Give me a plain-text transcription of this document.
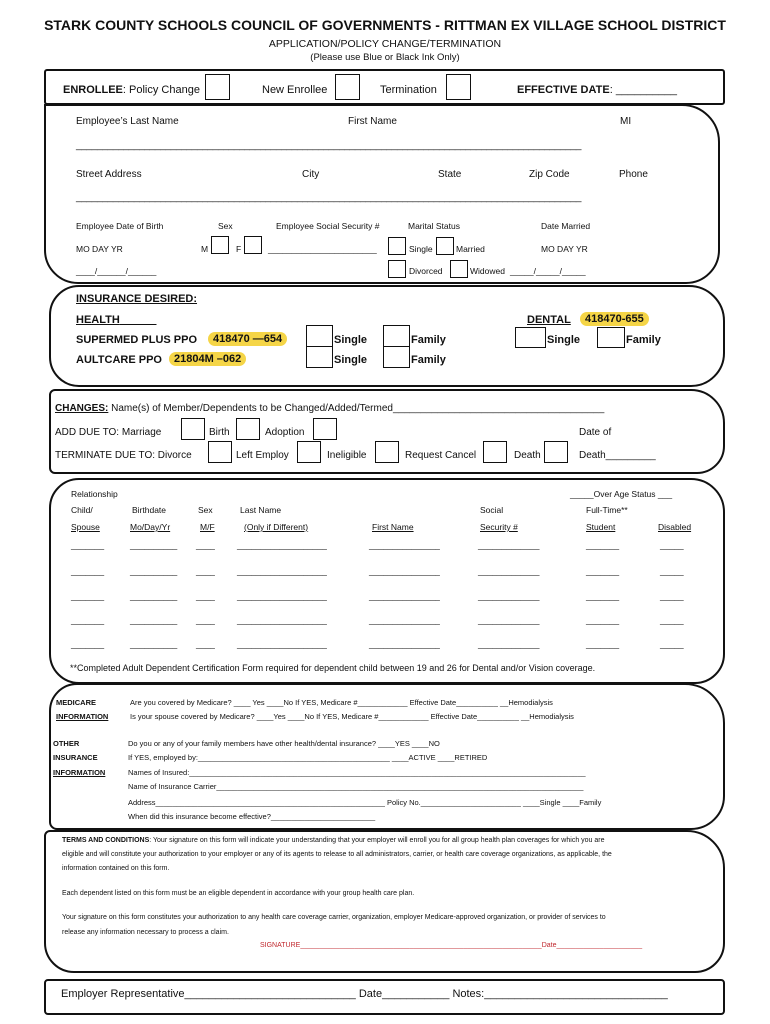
STARK COUNTY SCHOOLS COUNCIL OF GOVERNMENTS - RITTMAN EX VILLAGE SCHOOL DISTRICT
APPLICATION/POLICY CHANGE/TERMINATION
(Please use Blue or Black Ink Only)
ENROLLEE: Policy Change	New Enrollee	Termination	EFFECTIVE DATE: __________
Employee’s Last Name	First Name	MI
________________________________________________________________________________________________
Street Address	City	State	Zip Code	Phone
________________________________________________________________________________________________
Employee Date of Birth	Sex	Employee Social Security #	Marital Status	Date Married
MO DAY YR	M	F	_______________________	Single	Married	MO DAY YR
____/______/______	Divorced	Widowed _____/_____/_____
INSURANCE DESIRED:
HEALTH
SUPERMED PLUS PPO	418470 —654
AULTCARE PPO	21804M –062
Single	Family
Single	Family
DENTAL	418470-655
Single	Family
CHANGES: Name(s) of Member/Dependents to be Changed/Added/Termed______________________________________
ADD DUE TO: Marriage	Birth	Adoption	Date of
TERMINATE DUE TO: Divorce	Left Employ	Ineligible	Request Cancel	Death	Death_________
Relationship	_____Over Age Status ___
Child/	Birthdate	Sex	Last Name	Social	Full-Time**
Spouse	Mo/Day/Yr	M/F	(Only if Different)	First Name	Security #	Student	Disabled
_______	__________ ____	___________________	_______________	_____________	_______	_____
_______	__________ ____	___________________	_______________	_____________	_______	_____
_______	__________ ____	___________________	_______________	_____________	_______	_____
_______	__________ ____	___________________	_______________	_____________	_______	_____
_______	__________ ____	___________________	_______________	_____________	_______	_____
**Completed Adult Dependent Certification Form required for dependent child between 19 and 26 for Dental and/or Vision coverage.
MEDICARE
INFORMATION
Are you covered by Medicare? ____ Yes ____No If YES, Medicare #____________ Effective Date__________ __Hemodialysis
Is your spouse covered by Medicare? ____Yes ____No If YES, Medicare #____________ Effective Date__________ __Hemodialysis
OTHER
INSURANCE
INFORMATION
Do you or any of your family members have other health/dental insurance? ____YES ____NO
If YES, employed by:______________________________________________ ____ACTIVE ____RETIRED
Names of Insured:_______________________________________________________________________________________________
Name of Insurance Carrier________________________________________________________________________________________
Address_______________________________________________________ Policy No.________________________ ____Single ____Family
When did this insurance become effective?_________________________
TERMS AND CONDITIONS: Your signature on this form will indicate your understanding that your employer will enroll you for all group health plan coverages for which you are
eligible and will constitute your authorization to your employer or any of its agents to release to all administrators, carrier, or health care coverage organizations, as applicable, the
information contained on this form.
Each dependent listed on this form must be an eligible dependent in accordance with your group health care plan.
Your signature on this form constitutes your authorization to any health care coverage carrier, organization, employer Medicare-approved organization, or provider of services to
release any information necessary to process a claim.
SIGNATURE______________________________________________________________Date______________________
Employer Representative____________________________ Date___________ Notes:______________________________
